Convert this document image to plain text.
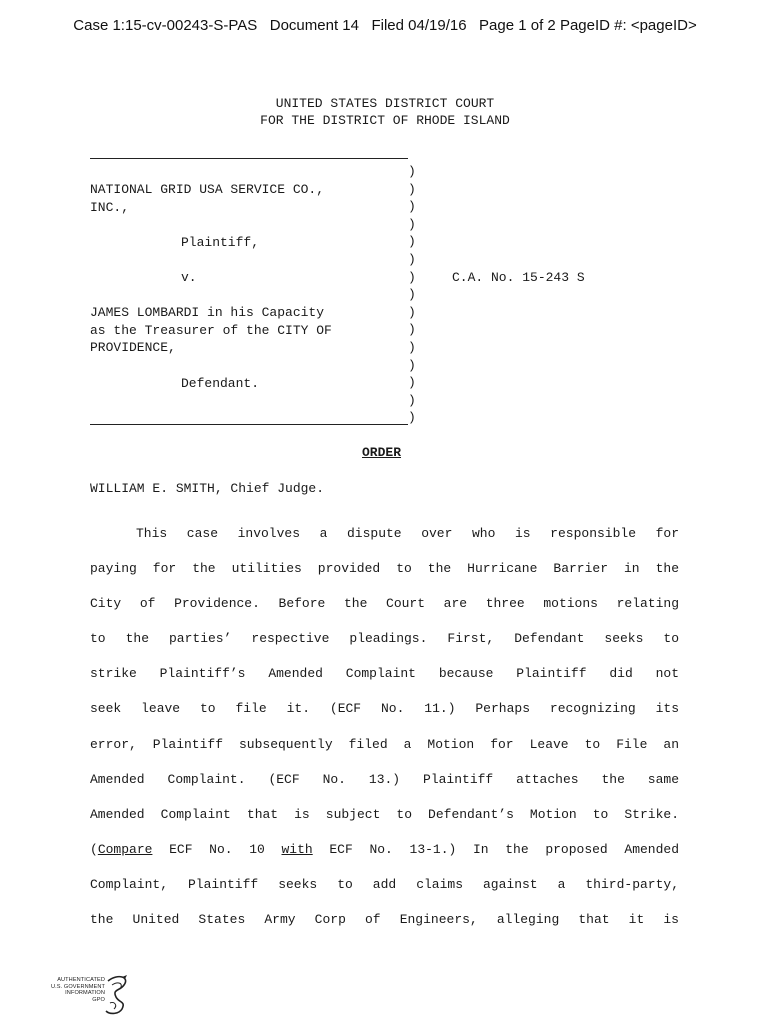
Case 1:15-cv-00243-S-PAS   Document 14   Filed 04/19/16   Page 1 of 2 PageID #: <pageID>
UNITED STATES DISTRICT COURT
FOR THE DISTRICT OF RHODE ISLAND
NATIONAL GRID USA SERVICE CO.,
INC.,
Plaintiff,
v.
JAMES LOMBARDI in his Capacity
as the Treasurer of the CITY OF
PROVIDENCE,
Defendant.
)
)
)
)
)
)
)
)
)
)
)
)
)
)
)
C.A. No. 15-243 S
ORDER
WILLIAM E. SMITH, Chief Judge.
This case involves a dispute over who is responsible for
paying for the utilities provided to the Hurricane Barrier in the
City of Providence. Before the Court are three motions relating
to the parties’ respective pleadings. First, Defendant seeks to
strike Plaintiff’s Amended Complaint because Plaintiff did not
seek leave to file it. (ECF No. 11.) Perhaps recognizing its
error, Plaintiff subsequently filed a Motion for Leave to File an
Amended Complaint. (ECF No. 13.) Plaintiff attaches the same
Amended Complaint that is subject to Defendant’s Motion to Strike.
(Compare ECF No. 10 with ECF No. 13-1.) In the proposed Amended
Complaint, Plaintiff seeks to add claims against a third-party,
the United States Army Corp of Engineers, alleging that it is
AUTHENTICATED
U.S. GOVERNMENT
INFORMATION
GPO
